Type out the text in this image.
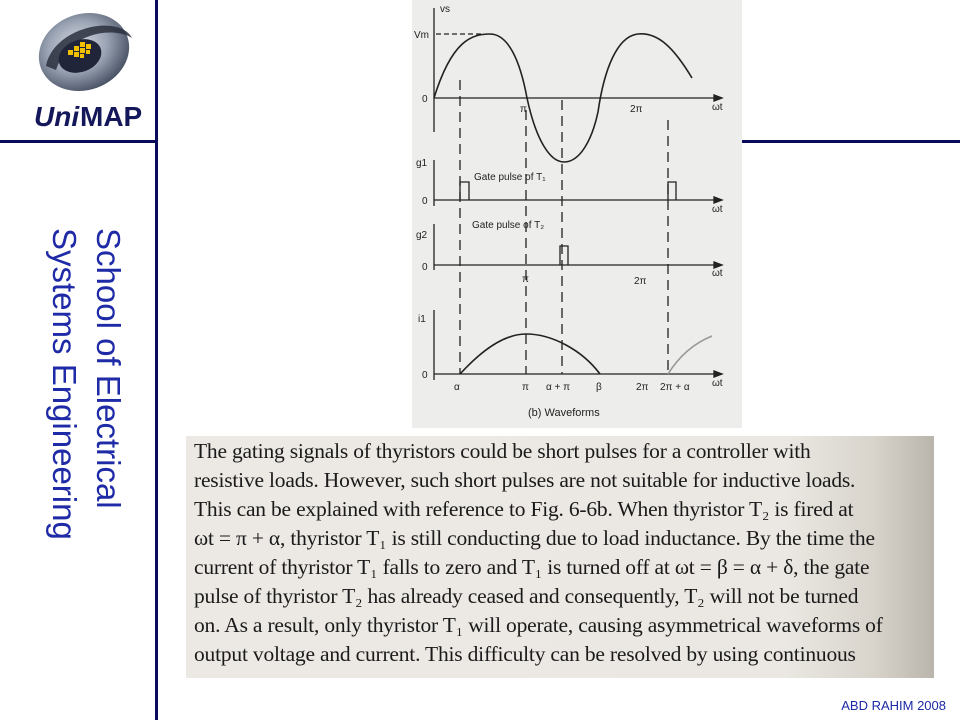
Uni MAP
School of Electrical
Systems Engineering
vs
Vm
0
π	2π	ωt
g1
Gate pulse of T₁
0
ωt
Gate pulse of T₂
g2
0
π	2π
ωt
i1
0
α	π α + π	β	2π 2π + α ωt
(b) Waveforms
The gating signals of thyristors could be short pulses for a controller with
resistive loads. However, such short pulses are not suitable for inductive loads.
This can be explained with reference to Fig. 6-6b. When thyristor T₂ is fired at
ωt = π + α, thyristor T₁ is still conducting due to load inductance. By the time the
current of thyristor T₁ falls to zero and T₁ is turned off at ωt = β = α + δ, the gate
pulse of thyristor T₂ has already ceased and consequently, T₂ will not be turned
on. As a result, only thyristor T₁ will operate, causing asymmetrical waveforms of
output voltage and current. This difficulty can be resolved by using continuous
ABD RAHIM 2008
